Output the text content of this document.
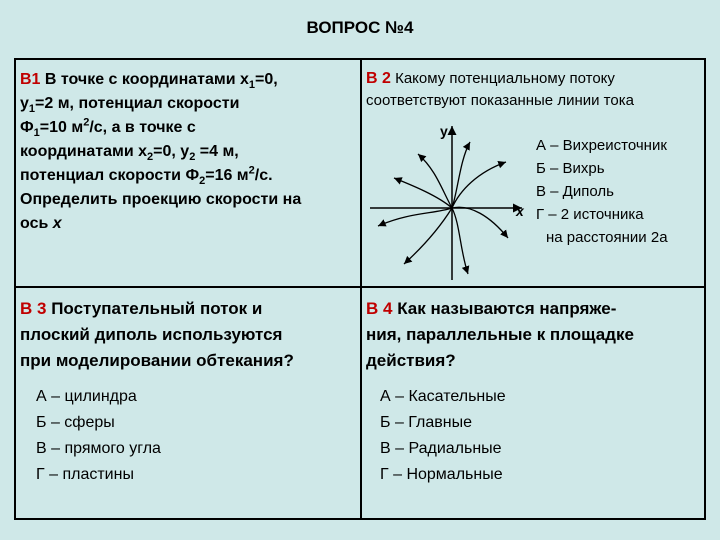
ВОПРОС №4
В1 В точке с координатами $x_1=0$,
$y_1=2$ м, потенциал скорости
$Ф_1=10$ $м^2/с$, а в точке с
координатами $x_2=0$, $y_2 =4$ м,
потенциал скорости $Ф_2=16$ $м^2/с$.
Определить проекцию скорости на
ось x
В 2 Какому потенциальному потоку
соответствуют показанные линии тока
y
x
А – Вихреисточник
Б – Вихрь
В – Диполь
Г – 2 источника
на расстоянии 2а
В 3 Поступательный поток и
плоский диполь используются
при моделировании обтекания?
А – цилиндра
Б – сферы
В – прямого угла
Г – пластины
В 4 Как называются напряже-
ния, параллельные к площадке
действия?
А – Касательные
Б – Главные
В – Радиальные
Г – Нормальные
